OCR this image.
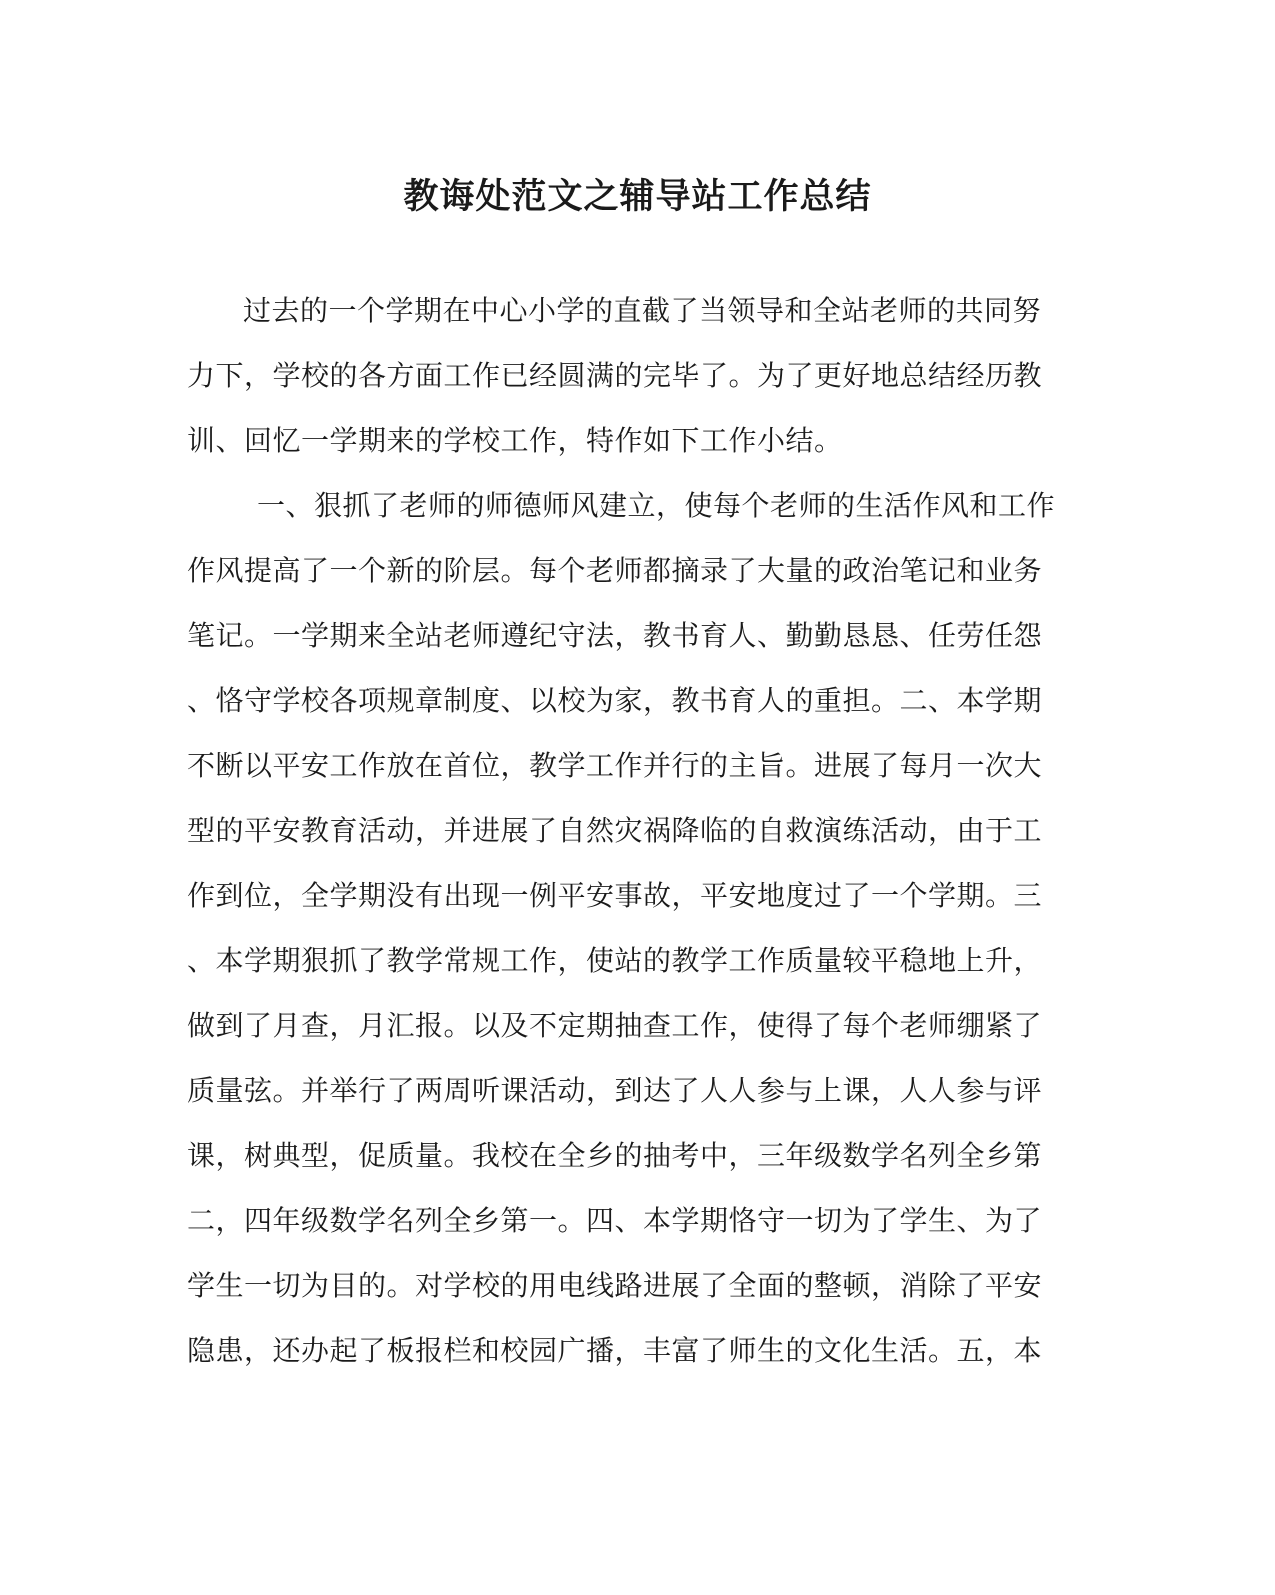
教诲处范文之辅导站工作总结
过去的一个学期在中心小学的直截了当领导和全站老师的共同努
力下，学校的各方面工作已经圆满的完毕了。为了更好地总结经历教
训、回忆一学期来的学校工作，特作如下工作小结。
一、狠抓了老师的师德师风建立，使每个老师的生活作风和工作
作风提高了一个新的阶层。每个老师都摘录了大量的政治笔记和业务
笔记。一学期来全站老师遵纪守法，教书育人、勤勤恳恳、任劳任怨
、恪守学校各项规章制度、以校为家，教书育人的重担。二、本学期
不断以平安工作放在首位，教学工作并行的主旨。进展了每月一次大
型的平安教育活动，并进展了自然灾祸降临的自救演练活动，由于工
作到位，全学期没有出现一例平安事故，平安地度过了一个学期。三
、本学期狠抓了教学常规工作，使站的教学工作质量较平稳地上升，
做到了月查，月汇报。以及不定期抽查工作，使得了每个老师绷紧了
质量弦。并举行了两周听课活动，到达了人人参与上课，人人参与评
课，树典型，促质量。我校在全乡的抽考中，三年级数学名列全乡第
二，四年级数学名列全乡第一。四、本学期恪守一切为了学生、为了
学生一切为目的。对学校的用电线路进展了全面的整顿，消除了平安
隐患，还办起了板报栏和校园广播，丰富了师生的文化生活。五，本
